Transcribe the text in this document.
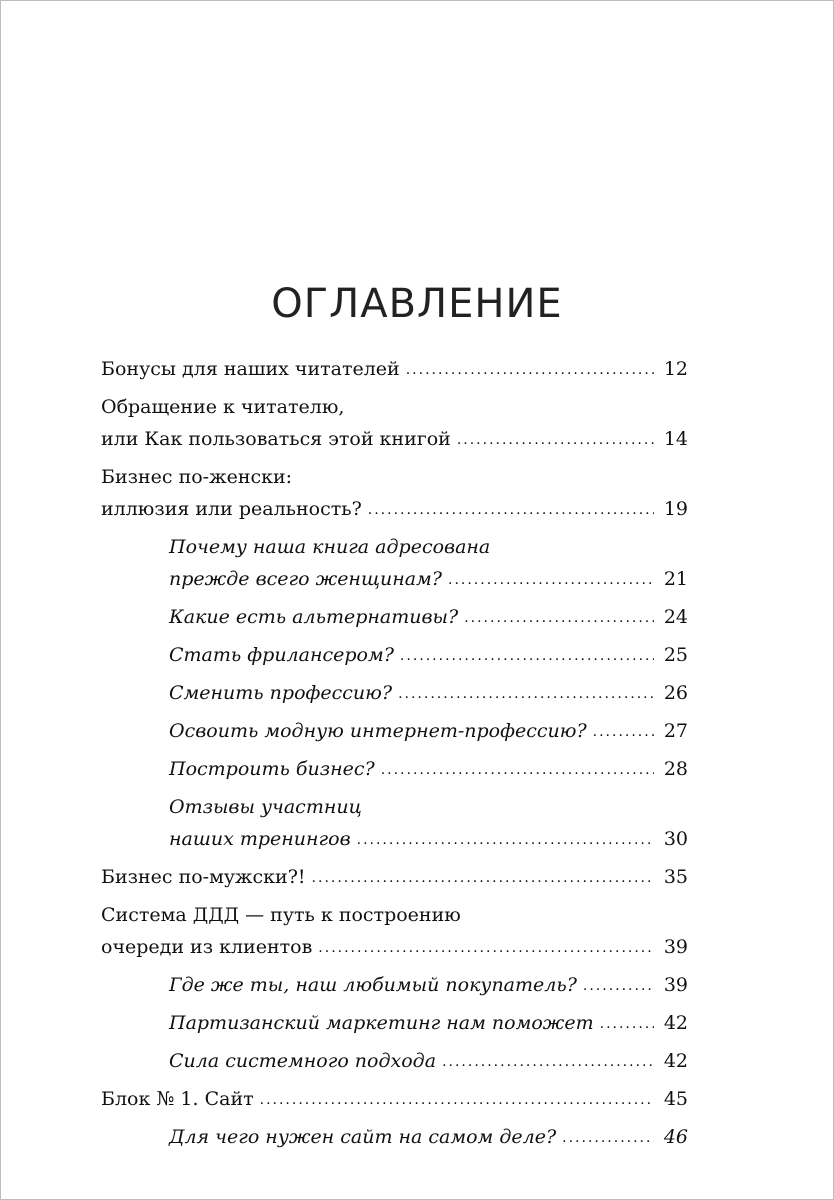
ОГЛАВЛЕНИЕ
Бонусы для наших читателей .....	12
Обращение к читателю,
или Как пользоваться этой книгой .....	14
Бизнес по-женски:
иллюзия или реальность? .....	19
Почему наша книга адресована
прежде всего женщинам? .....	21
Какие есть альтернативы? .....	24
Стать фрилансером? .....	25
Сменить профессию? .....	26
Освоить модную интернет-профессию? .....	27
Построить бизнес? .....	28
Отзывы участниц
наших тренингов .....	30
Бизнес по-мужски?! .....	35
Система ДДД — путь к построению
очереди из клиентов .....	39
Где же ты, наш любимый покупатель? .....	39
Партизанский маркетинг нам поможет .....	42
Сила системного подхода .....	42
Блок № 1. Сайт .....	45
Для чего нужен сайт на самом деле? .....	46
